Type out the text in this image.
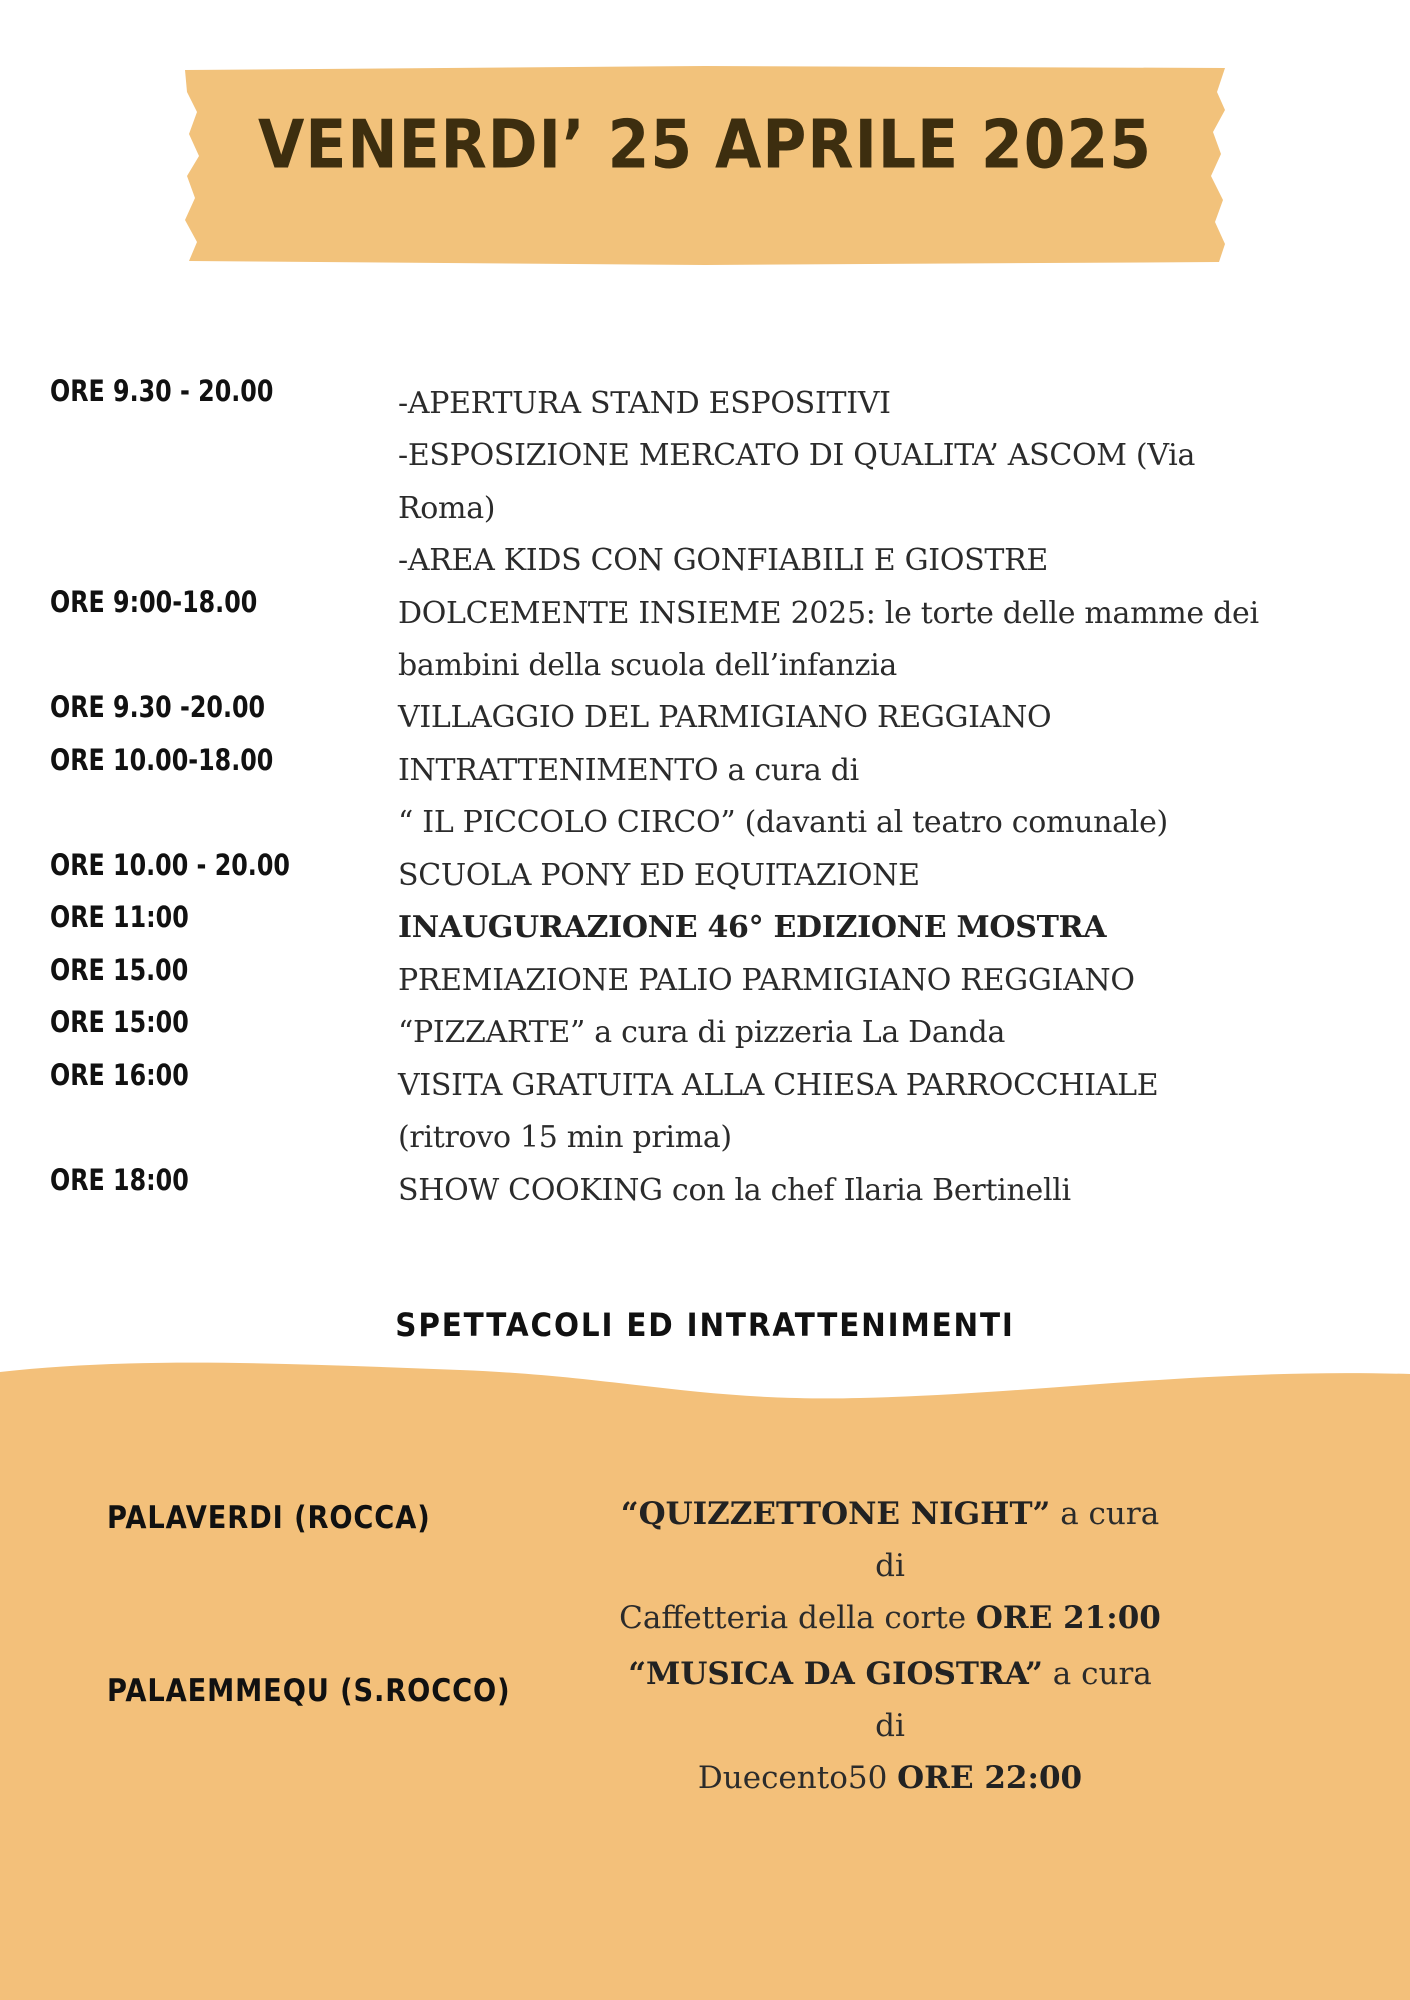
VENERDI’ 25 APRILE 2025
ORE 9.30 - 20.00	-APERTURA STAND ESPOSITIVI
-ESPOSIZIONE MERCATO DI QUALITA’ ASCOM (Via
Roma)
-AREA KIDS CON GONFIABILI E GIOSTRE
ORE 9:00-18.00	DOLCEMENTE INSIEME 2025: le torte delle mamme dei
bambini della scuola dell’infanzia
ORE 9.30 -20.00	VILLAGGIO DEL PARMIGIANO REGGIANO
ORE 10.00-18.00	INTRATTENIMENTO a cura di
“ IL PICCOLO CIRCO” (davanti al teatro comunale)
ORE 10.00 - 20.00	SCUOLA PONY ED EQUITAZIONE
ORE 11:00	INAUGURAZIONE 46° EDIZIONE MOSTRA
ORE 15.00	PREMIAZIONE PALIO PARMIGIANO REGGIANO
ORE 15:00	“PIZZARTE” a cura di pizzeria La Danda
ORE 16:00	VISITA GRATUITA ALLA CHIESA PARROCCHIALE
(ritrovo 15 min prima)
ORE 18:00	SHOW COOKING con la chef Ilaria Bertinelli
SPETTACOLI ED INTRATTENIMENTI
PALAVERDI (ROCCA)	“QUIZZETTONE NIGHT” a cura di
Caffetteria della corte ORE 21:00
PALAEMMEQU (S.ROCCO)	“MUSICA DA GIOSTRA” a cura di
Duecento50 ORE 22:00
